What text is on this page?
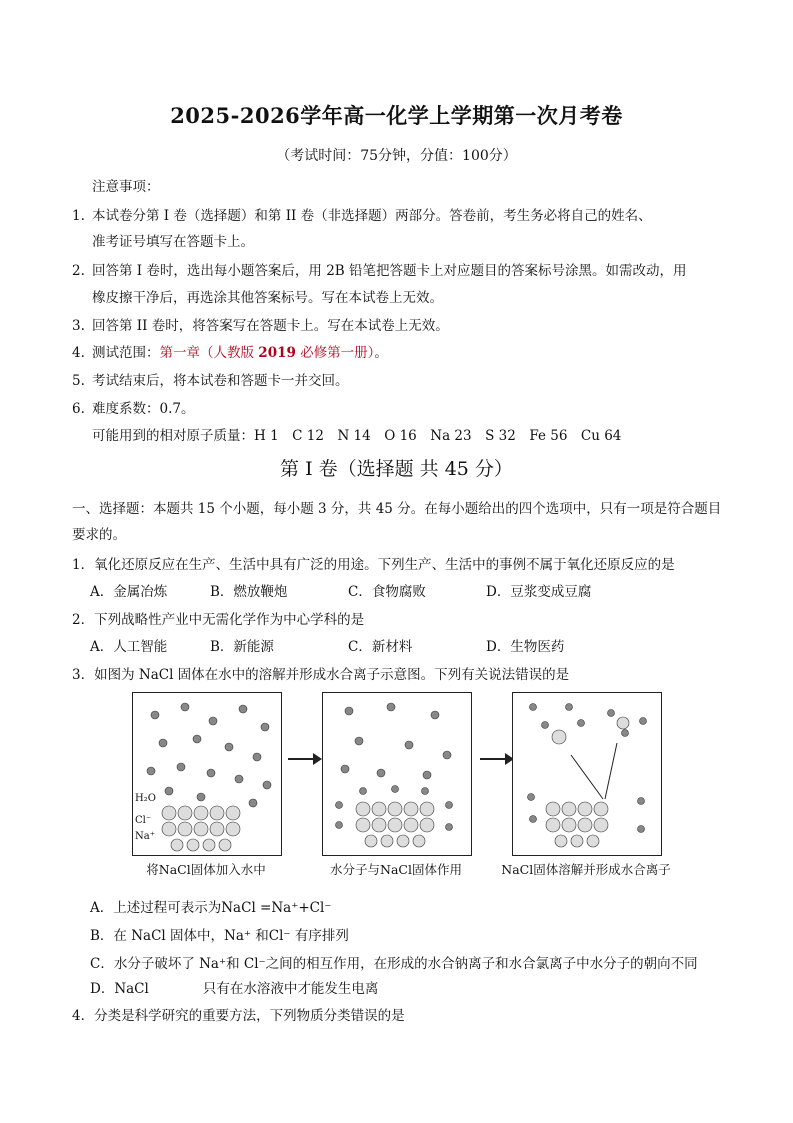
2025-2026学年高一化学上学期第一次月考卷
（考试时间：75分钟，分值：100分）
注意事项：
1. 本试卷分第 Ⅰ 卷（选择题）和第 II 卷（非选择题）两部分。答卷前，考生务必将自己的姓名、
准考证号填写在答题卡上。
2. 回答第 I 卷时，选出每小题答案后，用 2B 铅笔把答题卡上对应题目的答案标号涂黑。如需改动，用
橡皮擦干净后，再选涂其他答案标号。写在本试卷上无效。
3. 回答第 II 卷时，将答案写在答题卡上。写在本试卷上无效。
4. 测试范围：第一章（人教版 2019 必修第一册）。
5. 考试结束后，将本试卷和答题卡一并交回。
6. 难度系数：0.7。
可能用到的相对原子质量：H 1　C 12　N 14　O 16　Na 23　S 32　Fe 56　Cu 64
第 I 卷（选择题 共 45 分）
一、选择题：本题共 15 个小题，每小题 3 分，共 45 分。在每小题给出的四个选项中，只有一项是符合题目
要求的。
1．氧化还原反应在生产、生活中具有广泛的用途。下列生产、生活中的事例不属于氧化还原反应的是
A．金属冶炼	B．燃放鞭炮	C．食物腐败	D．豆浆变成豆腐
2．下列战略性产业中无需化学作为中心学科的是
A．人工智能	B．新能源	C．新材料	D．生物医药
3．如图为 NaCl 固体在水中的溶解并形成水合离子示意图。下列有关说法错误的是
H₂O
Cl⁻
Na⁺
将NaCl固体加入水中	水分子与NaCl固体作用	NaCl固体溶解并形成水合离子
A．上述过程可表示为NaCl =Na⁺+Cl⁻
B．在 NaCl 固体中，Na⁺ 和Cl⁻ 有序排列
C．水分子破坏了 Na⁺和 Cl⁻之间的相互作用，在形成的水合钠离子和水合氯离子中水分子的朝向不同
D．NaCl　　　　只有在水溶液中才能发生电离
4．分类是科学研究的重要方法，下列物质分类错误的是
